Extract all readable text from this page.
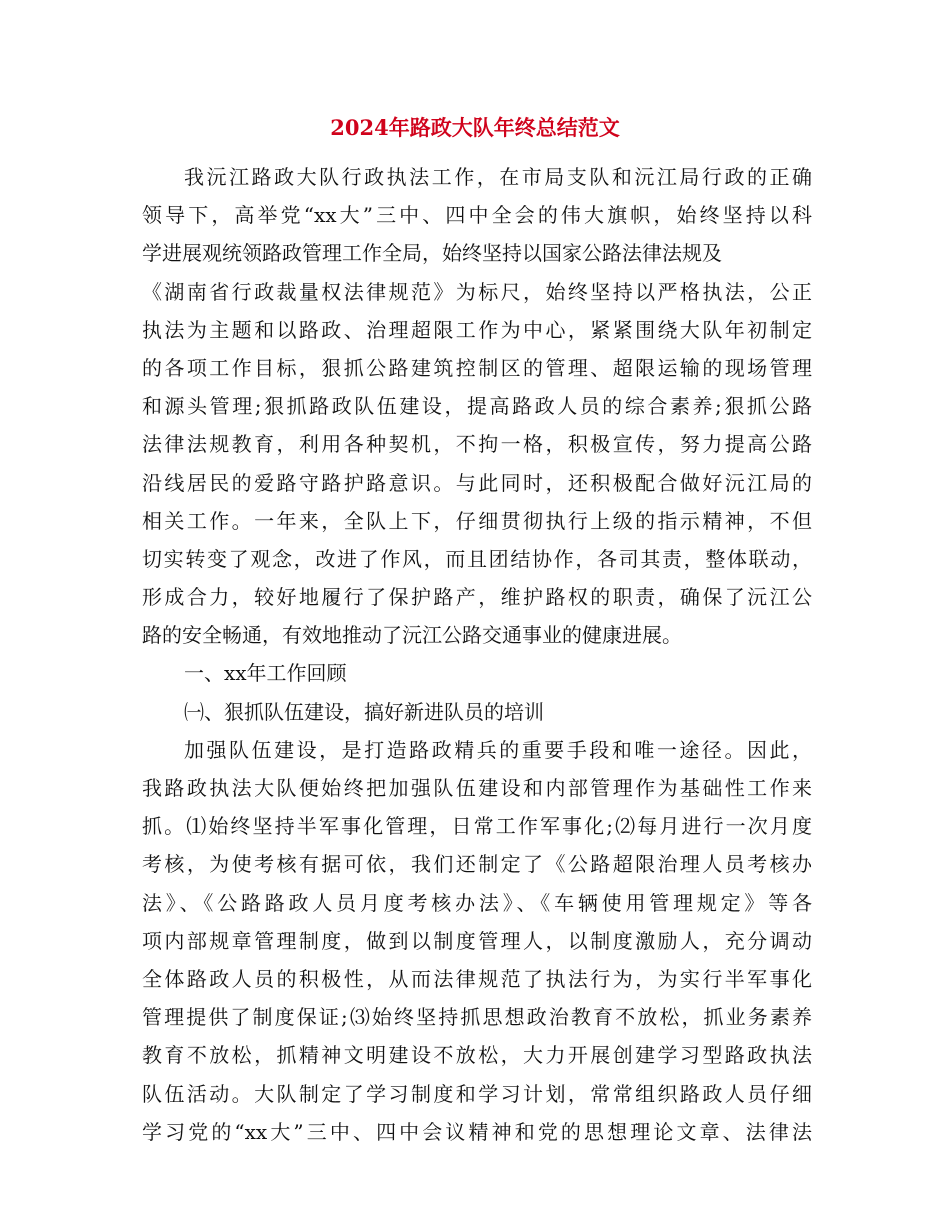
2024年路政大队年终总结范文

我沅江路政大队行政执法工作，在市局支队和沅江局行政的正确

领导下，高举党“xx大”三中、四中全会的伟大旗帜，始终坚持以科

学进展观统领路政管理工作全局，始终坚持以国家公路法律法规及

《湖南省行政裁量权法律规范》为标尺，始终坚持以严格执法，公正

执法为主题和以路政、治理超限工作为中心，紧紧围绕大队年初制定

的各项工作目标，狠抓公路建筑控制区的管理、超限运输的现场管理

和源头管理;狠抓路政队伍建设，提高路政人员的综合素养;狠抓公路

法律法规教育，利用各种契机，不拘一格，积极宣传，努力提高公路

沿线居民的爱路守路护路意识。与此同时，还积极配合做好沅江局的

相关工作。一年来，全队上下，仔细贯彻执行上级的指示精神，不但

切实转变了观念，改进了作风，而且团结协作，各司其责，整体联动，

形成合力，较好地履行了保护路产，维护路权的职责，确保了沅江公

路的安全畅通，有效地推动了沅江公路交通事业的健康进展。

一、xx年工作回顾

㈠、狠抓队伍建设，搞好新进队员的培训

加强队伍建设，是打造路政精兵的重要手段和唯一途径。因此，

我路政执法大队便始终把加强队伍建设和内部管理作为基础性工作来

抓。⑴始终坚持半军事化管理，日常工作军事化;⑵每月进行一次月度

考核，为使考核有据可依，我们还制定了《公路超限治理人员考核办

法》、《公路路政人员月度考核办法》、《车辆使用管理规定》等各

项内部规章管理制度，做到以制度管理人，以制度激励人，充分调动

全体路政人员的积极性，从而法律规范了执法行为，为实行半军事化

管理提供了制度保证;⑶始终坚持抓思想政治教育不放松，抓业务素养

教育不放松，抓精神文明建设不放松，大力开展创建学习型路政执法

队伍活动。大队制定了学习制度和学习计划，常常组织路政人员仔细

学习党的“xx大”三中、四中会议精神和党的思想理论文章、法律法
